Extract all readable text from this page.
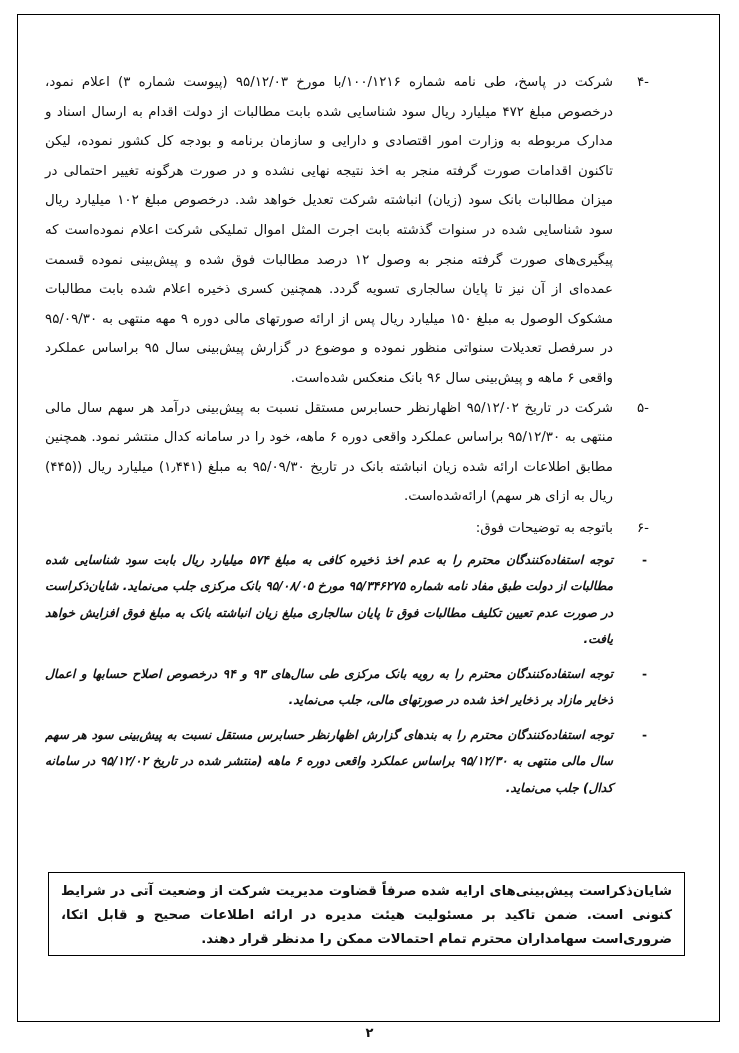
-۴

شرکت در پاسخ، طی نامه شماره ۱۰۰/۱۲۱۶/با مورخ ۹۵/۱۲/۰۳ (پیوست شماره ۳) اعلام نمود، درخصوص مبلغ ۴۷۲ میلیارد ریال سود شناسایی شده بابت مطالبات از دولت اقدام به ارسال اسناد و مدارک مربوطه به وزارت امور اقتصادی و دارایی و سازمان برنامه و بودجه کل کشور نموده، لیکن تاکنون اقدامات صورت گرفته منجر به اخذ نتیجه نهایی نشده و در صورت هرگونه تغییر احتمالی در میزان مطالبات بانک سود (زیان) انباشته شرکت تعدیل خواهد شد. درخصوص مبلغ ۱۰۲ میلیارد ریال سود شناسایی شده در سنوات گذشته بابت اجرت المثل اموال تملیکی شرکت اعلام نموده‌است که پیگیری‌های صورت گرفته منجر به وصول ۱۲ درصد مطالبات فوق شده و پیش‌بینی نموده قسمت عمده‌ای از آن نیز تا پایان سالجاری تسویه گردد. همچنین کسری ذخیره اعلام شده بابت مطالبات مشکوک الوصول به مبلغ ۱۵۰ میلیارد ریال پس از ارائه صورتهای مالی دوره ۹ مهه منتهی به ۹۵/۰۹/۳۰ در سرفصل تعدیلات سنواتی منظور نموده و موضوع در گزارش پیش‌بینی سال ۹۵ براساس عملکرد واقعی ۶ ماهه و پیش‌بینی سال ۹۶ بانک منعکس شده‌است.

-۵

شرکت در تاریخ ۹۵/۱۲/۰۲ اظهارنظر حسابرس مستقل نسبت به پیش‌بینی درآمد هر سهم سال مالی منتهی به ۹۵/۱۲/۳۰ براساس عملکرد واقعی دوره ۶ ماهه، خود را در سامانه کدال منتشر نمود. همچنین مطابق اطلاعات ارائه شده زیان انباشته بانک در تاریخ ۹۵/۰۹/۳۰ به مبلغ (۱٫۴۴۱) میلیارد ریال ((۴۴۵) ریال به ازای هر سهم) ارائه‌شده‌است.

-۶
باتوجه به توضیحات فوق:
-
توجه استفاده‌کنندگان محترم را به عدم اخذ ذخیره کافی به مبلغ ۵۷۴ میلیارد ریال بابت سود شناسایی شده مطالبات از دولت طبق مفاد نامه شماره ۹۵/۳۴۶۲۷۵ مورخ ۹۵/۰۸/۰۵ بانک مرکزی جلب می‌نماید. شایان‌ذکراست در صورت عدم تعیین تکلیف مطالبات فوق تا پایان سالجاری مبلغ زیان انباشته بانک به مبلغ فوق افزایش خواهد یافت.
-
توجه استفاده‌کنندگان محترم را به رویه بانک مرکزی طی سال‌های ۹۳ و ۹۴ درخصوص اصلاح حسابها و اعمال ذخایر مازاد بر ذخایر اخذ شده در صورتهای مالی، جلب می‌نماید.
-
توجه استفاده‌کنندگان محترم را به بندهای گزارش اظهارنظر حسابرس مستقل نسبت به پیش‌بینی سود هر سهم سال مالی منتهی به ۹۵/۱۲/۳۰ براساس عملکرد واقعی دوره ۶ ماهه (منتشر شده در تاریخ ۹۵/۱۲/۰۲ در سامانه کدال) جلب می‌نماید.
شایان‌ذکراست پیش‌بینی‌های ارایه شده صرفاً قضاوت مدیریت شرکت از وضعیت آتی در شرایط کنونی است. ضمن تاکید بر مسئولیت هیئت مدیره در ارائه اطلاعات صحیح و قابل اتکا، ضروری‌است سهامداران محترم تمام احتمالات ممکن را مدنظر قرار دهند.
۲
